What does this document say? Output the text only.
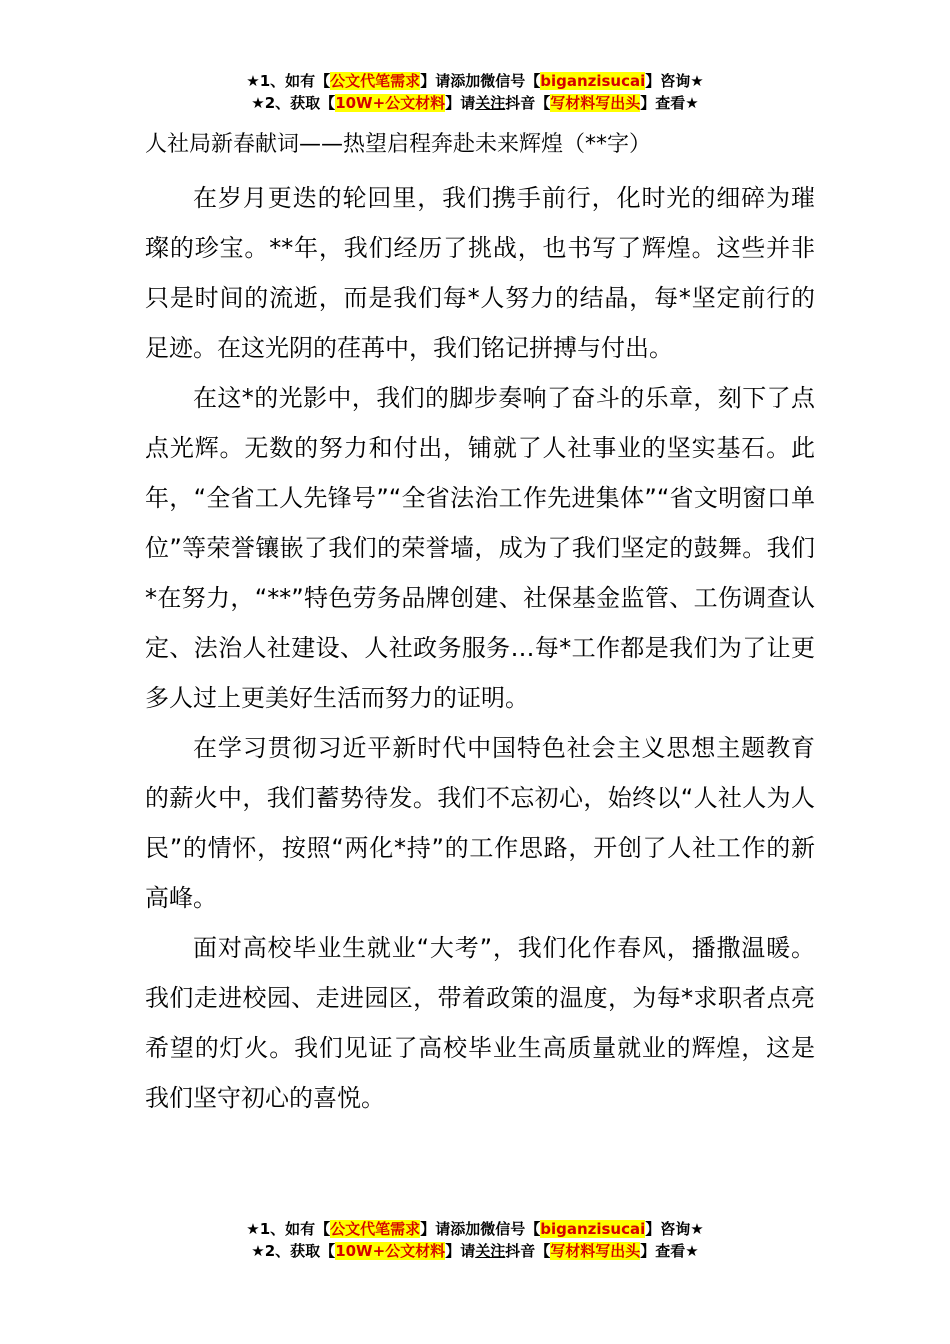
★1、如有【公文代笔需求】请添加微信号【biganzisucai】咨询★
★2、获取【10W+公文材料】请关注抖音【写材料写出头】查看★
人社局新春献词——热望启程奔赴未来辉煌（**字）

在岁月更迭的轮回里，我们携手前行，化时光的细碎为璀璨的珍宝。**年，我们经历了挑战，也书写了辉煌。这些并非只是时间的流逝，而是我们每*人努力的结晶，每*坚定前行的足迹。在这光阴的荏苒中，我们铭记拼搏与付出。

在这*的光影中，我们的脚步奏响了奋斗的乐章，刻下了点点光辉。无数的努力和付出，铺就了人社事业的坚实基石。此年，“全省工人先锋号”“全省法治工作先进集体”“省文明窗口单位”等荣誉镶嵌了我们的荣誉墙，成为了我们坚定的鼓舞。我们*在努力，“**”特色劳务品牌创建、社保基金监管、工伤调查认定、法治人社建设、人社政务服务…每*工作都是我们为了让更多人过上更美好生活而努力的证明。

在学习贯彻习近平新时代中国特色社会主义思想主题教育的薪火中，我们蓄势待发。我们不忘初心，始终以“人社人为人民”的情怀，按照“两化*持”的工作思路，开创了人社工作的新高峰。

面对高校毕业生就业“大考”，我们化作春风，播撒温暖。我们走进校园、走进园区，带着政策的温度，为每*求职者点亮希望的灯火。我们见证了高校毕业生高质量就业的辉煌，这是我们坚守初心的喜悦。

★1、如有【公文代笔需求】请添加微信号【biganzisucai】咨询★
★2、获取【10W+公文材料】请关注抖音【写材料写出头】查看★
